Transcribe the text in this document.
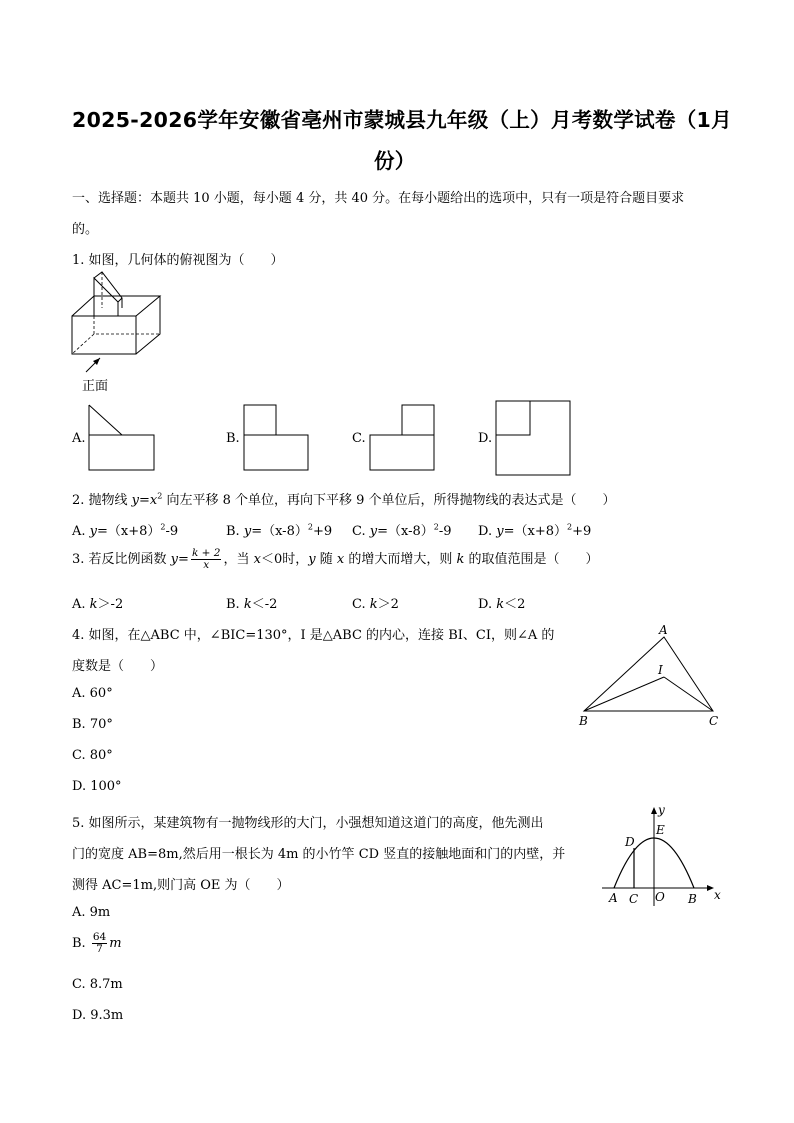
2025-2026学年安徽省亳州市蒙城县九年级（上）月考数学试卷（1月
份）
一、选择题：本题共 10 小题，每小题 4 分，共 40 分。在每小题给出的选项中，只有一项是符合题目要求
的。
1. 如图，几何体的俯视图为（　　）
正面
A.	B.	C.	D.
2. 抛物线 $y=x^2$ 向左平移 8 个单位，再向下平移 9 个单位后，所得抛物线的表达式是（　　）
A. $y=(x+8)^2-9$	B. $y=(x-8)^2+9$ C. $y=(x-8)^2-9$ D. $y=(x+8)^2+9$
3. 若反比例函数 $y= \frac{k + 2}{x}$ ，当 x＜0时，y 随 x 的增大而增大，则 k 的取值范围是（　　）
A. k＞-2	B. k＜-2	C. k＞2	D. k＜2
4. 如图，在△ABC 中，∠BIC=130°，I 是△ABC 的内心，连接 BI、CI，则∠A 的
度数是（　　）
A. 60°
B. 70°
C. 80°
D. 100°
A
B	C
I
5. 如图所示，某建筑物有一抛物线形的大门，小强想知道这道门的高度，他先测出
门的宽度 AB=8m,然后用一根长为 4m 的小竹竿 CD 竖直的接触地面和门的内壁，并
测得 AC=1m,则门高 OE 为（　　）
A. 9m
B. $\frac{64}{7}$ m
C. 8.7m
D. 9.3m
y
x
D
E
A C O B
